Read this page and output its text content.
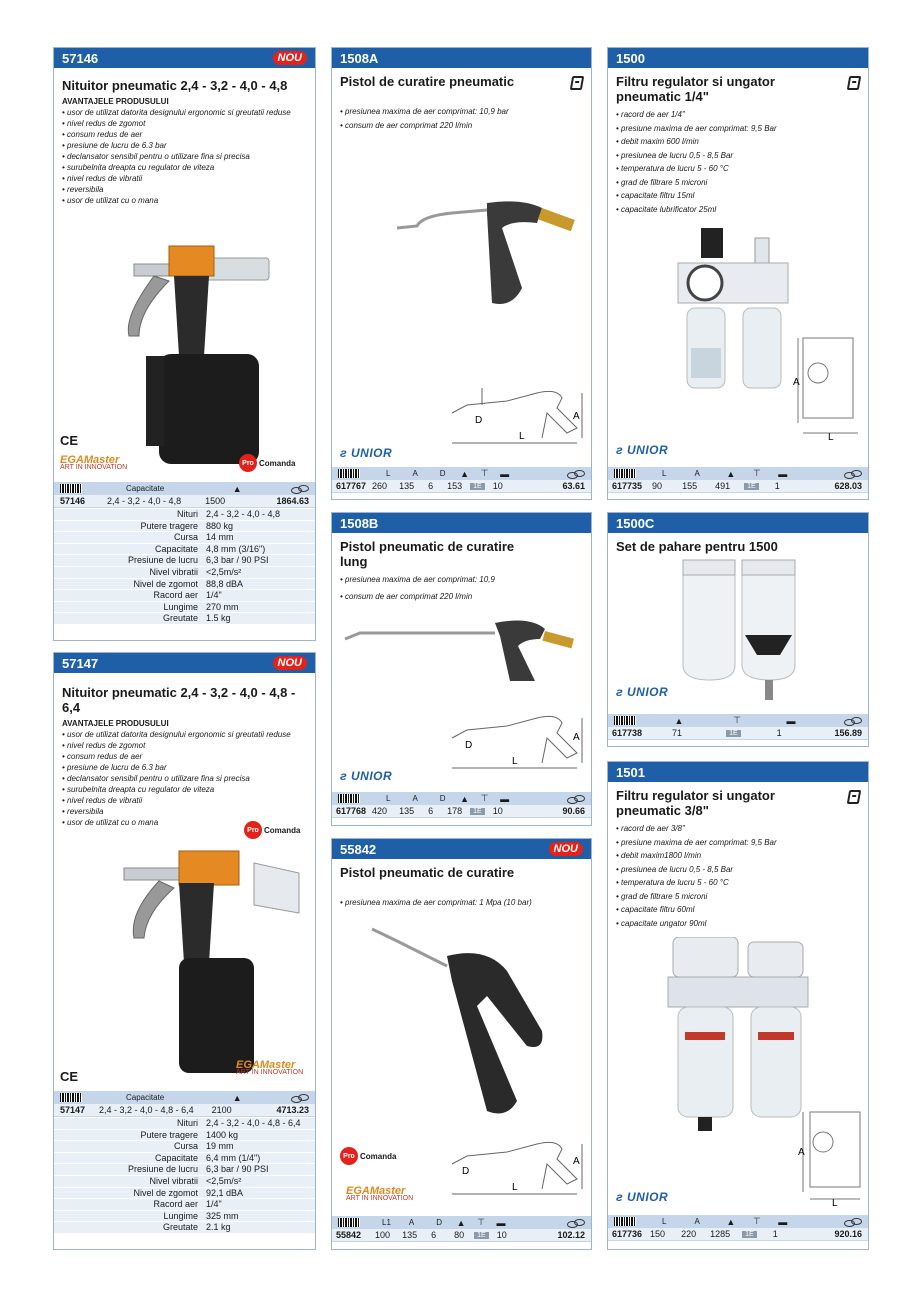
57146	NOU
Nituitor pneumatic 2,4 - 3,2 - 4,0 - 4,8
AVANTAJELE PRODUSULUI
• usor de utilizat datorita designului ergonomic si greutatii reduse
• nivel redus de zgomot
• consum redus de aer
• presiune de lucru de 6.3 bar
• declansator sensibil pentru o utilizare fina si precisa
• surubelnita dreapta cu regulator de viteza
• nivel redus de vibratii
• reversibila
• usor de utilizat cu o mana
CE
EGAMaster
ART IN INNOVATION
Pro Comanda
Capacitate	▲
57146 2,4 - 3,2 - 4,0 - 4,8	1500	1864.63
Nituri 2,4 - 3,2 - 4,0 - 4,8
Putere tragere 880 kg
Cursa 14 mm
Capacitate 4,8 mm (3/16")
Presiune de lucru 6,3 bar / 90 PSI
Nivel vibratii <2,5m/s²
Nivel de zgomot 88,8 dBA
Racord aer 1/4"
Lungime 270 mm
Greutate 1.5 kg
57147	NOU
Nituitor pneumatic 2,4 - 3,2 - 4,0 - 4,8 - 6,4
AVANTAJELE PRODUSULUI
• usor de utilizat datorita designului ergonomic si greutatii reduse
• nivel redus de zgomot
• consum redus de aer
• presiune de lucru de 6.3 bar
• declansator sensibil pentru o utilizare fina si precisa
• surubelnita dreapta cu regulator de viteza
• nivel redus de vibratii
• reversibila
• usor de utilizat cu o mana
Pro Comanda
CE
EGAMaster
ART IN INNOVATION
Capacitate	▲
57147 2,4 - 3,2 - 4,0 - 4,8 - 6,4 2100	4713.23
Nituri 2,4 - 3,2 - 4,0 - 4,8 - 6,4
Putere tragere 1400 kg
Cursa 19 mm
Capacitate 6,4 mm (1/4")
Presiune de lucru 6,3 bar / 90 PSI
Nivel vibratii <2,5m/s²
Nivel de zgomot 92,1 dBA
Racord aer 1/4"
Lungime 325 mm
Greutate 2.1 kg
1508A
Pistol de curatire pneumatic
• presiunea maxima de aer comprimat: 10,9 bar
• consum de aer comprimat 220 l/min
D
L
A
ƨ UNIOR
L	A	D ▲	⊤	▬
617767 260 135 6 153	1E	10	63.61
1508B
Pistol pneumatic de curatire lung
• presiunea maxima de aer comprimat: 10,9
• consum de aer comprimat 220 l/min
D
L
A
ƨ UNIOR
L	A	D ▲	⊤	▬
617768 420 135 6 178	1E	10	90.66
55842	NOU
Pistol pneumatic de curatire
• presiunea maxima de aer comprimat: 1 Mpa (10 bar)
Pro Comanda
D
L
A
EGAMaster
ART IN INNOVATION
L1 A	D ▲	⊤	▬
55842 100 135 6 80	1E	10	102.12
1500
Filtru regulator si ungator pneumatic 1/4"
• racord de aer 1/4"
• presiune maxima de aer comprimat: 9,5 Bar
• debit maxim 600 l/min
• presiunea de lucru 0,5 - 8,5 Bar
• temperatura de lucru 5 - 60 °C
• grad de filtrare 5 microni
• capacitate filtru 15ml
• capacitate lubrificator 25ml
A
L
ƨ UNIOR
L	A	▲	⊤	▬
617735 90 155 491	1E	1	628.03
1500C
Set de pahare pentru 1500
ƨ UNIOR
▲	⊤	▬
617738	71	1E	1	156.89
1501
Filtru regulator si ungator pneumatic 3/8"
• racord de aer 3/8"
• presiune maxima de aer comprimat: 9,5 Bar
• debit maxim1800 l/min
• presiunea de lucru 0,5 - 8,5 Bar
• temperatura de lucru 5 - 60 °C
• grad de filtrare 5 microni
• capacitate filtru 60ml
• capacitate ungator 90ml
A
L
ƨ UNIOR
L	A	▲	⊤	▬
617736 150 220 1285	1E	1	920.16
